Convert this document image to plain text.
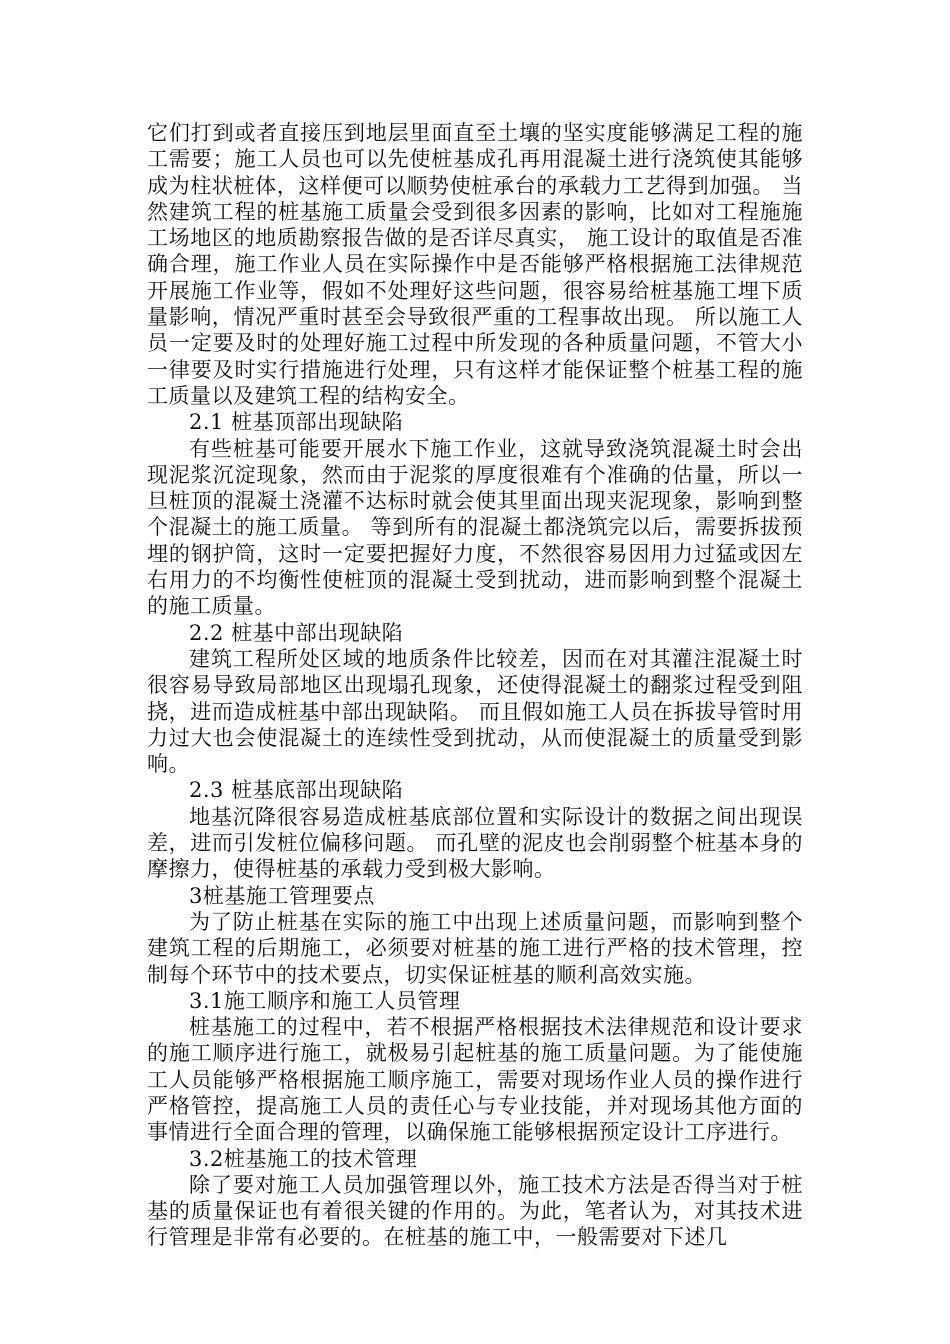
它们打到或者直接压到地层里面直至土壤的坚实度能够满足工程的施工需要；施工人员也可以先使桩基成孔再用混凝土进行浇筑使其能够成为柱状桩体，这样便可以顺势使桩承台的承载力工艺得到加强。 当然建筑工程的桩基施工质量会受到很多因素的影响，比如对工程施施工场地区的地质勘察报告做的是否详尽真实， 施工设计的取值是否准确合理，施工作业人员在实际操作中是否能够严格根据施工法律规范开展施工作业等，假如不处理好这些问题，很容易给桩基施工埋下质量影响，情况严重时甚至会导致很严重的工程事故出现。 所以施工人员一定要及时的处理好施工过程中所发现的各种质量问题，不管大小一律要及时实行措施进行处理，只有这样才能保证整个桩基工程的施工质量以及建筑工程的结构安全。

2.1 桩基顶部出现缺陷

有些桩基可能要开展水下施工作业，这就导致浇筑混凝土时会出现泥浆沉淀现象，然而由于泥浆的厚度很难有个准确的估量，所以一旦桩顶的混凝土浇灌不达标时就会使其里面出现夹泥现象，影响到整个混凝土的施工质量。 等到所有的混凝土都浇筑完以后，需要拆拔预埋的钢护筒，这时一定要把握好力度，不然很容易因用力过猛或因左右用力的不均衡性使桩顶的混凝土受到扰动，进而影响到整个混凝土的施工质量。

2.2 桩基中部出现缺陷

建筑工程所处区域的地质条件比较差，因而在对其灌注混凝土时很容易导致局部地区出现塌孔现象，还使得混凝土的翻浆过程受到阻挠，进而造成桩基中部出现缺陷。 而且假如施工人员在拆拔导管时用力过大也会使混凝土的连续性受到扰动，从而使混凝土的质量受到影响。

2.3 桩基底部出现缺陷

地基沉降很容易造成桩基底部位置和实际设计的数据之间出现误差，进而引发桩位偏移问题。 而孔壁的泥皮也会削弱整个桩基本身的摩擦力，使得桩基的承载力受到极大影响。

3桩基施工管理要点

为了防止桩基在实际的施工中出现上述质量问题，而影响到整个建筑工程的后期施工，必须要对桩基的施工进行严格的技术管理，控制每个环节中的技术要点，切实保证桩基的顺利高效实施。

3.1施工顺序和施工人员管理

桩基施工的过程中，若不根据严格根据技术法律规范和设计要求的施工顺序进行施工，就极易引起桩基的施工质量问题。为了能使施工人员能够严格根据施工顺序施工，需要对现场作业人员的操作进行严格管控，提高施工人员的责任心与专业技能，并对现场其他方面的事情进行全面合理的管理，以确保施工能够根据预定设计工序进行。

3.2桩基施工的技术管理

除了要对施工人员加强管理以外，施工技术方法是否得当对于桩基的质量保证也有着很关键的作用的。为此，笔者认为，对其技术进行管理是非常有必要的。在桩基的施工中，一般需要对下述几
